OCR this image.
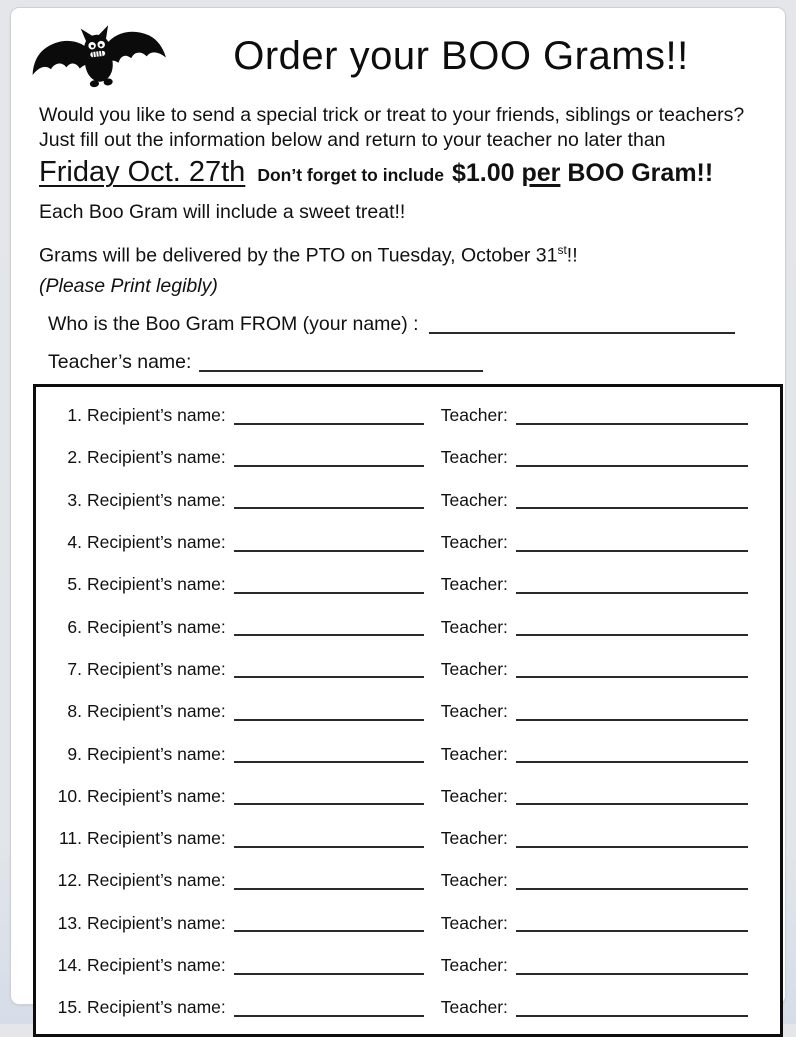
Order your BOO Grams!!
Would you like to send a special trick or treat to your friends, siblings or teachers?
Just fill out the information below and return to your teacher no later than
Friday Oct. 27th Don’t forget to include $1.00 per BOO Gram!!
Each Boo Gram will include a sweet treat!!
Grams will be delivered by the PTO on Tuesday, October 31st!!
(Please Print legibly)
Who is the Boo Gram FROM (your name) :
Teacher’s name:
1. Recipient’s name:	Teacher:
2. Recipient’s name:	Teacher:
3. Recipient’s name:	Teacher:
4. Recipient’s name:	Teacher:
5. Recipient’s name:	Teacher:
6. Recipient’s name:	Teacher:
7. Recipient’s name:	Teacher:
8. Recipient’s name:	Teacher:
9. Recipient’s name:	Teacher:
10. Recipient’s name:	Teacher:
11. Recipient’s name:	Teacher:
12. Recipient’s name:	Teacher:
13. Recipient’s name:	Teacher:
14. Recipient’s name:	Teacher:
15. Recipient’s name:	Teacher:
